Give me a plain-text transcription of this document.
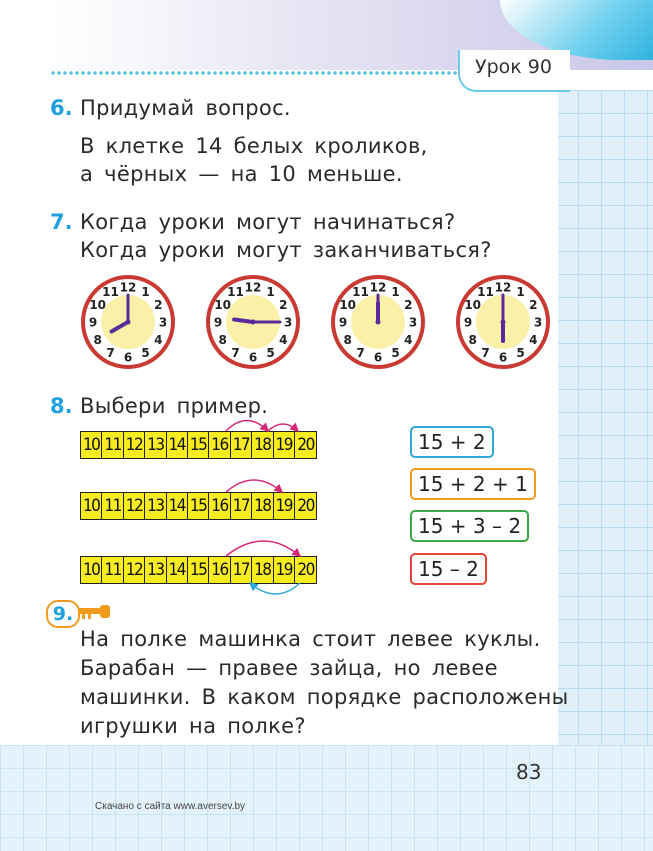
Урок 90
6. Придумай вопрос.
В клетке 14 белых кроликов,
а чёрных — на 10 меньше.
7. Когда уроки могут начинаться?
Когда уроки могут заканчиваться?
12 1
2
3
4
5
6
7
8
9
10
11	12 1
2
3
4
5
6
7
8
9
10
11	12 1
2
3
4
5
6
7
8
9
10
11	12 1
2
3
4
5
6
7
8
9
10
11
8. Выбери пример.
10 11 12 13 14 15 16 17 18 19 20
10 11 12 13 14 15 16 17 18 19 20
10 11 12 13 14 15 16 17 18 19 20
15 + 2
15 + 2 + 1
15 + 3 – 2
15 – 2
9.
На полке машинка стоит левее куклы.
Барабан — правее зайца, но левее
машинки. В каком порядке расположены
игрушки на полке?
83
Скачано с сайта www.aversev.by
